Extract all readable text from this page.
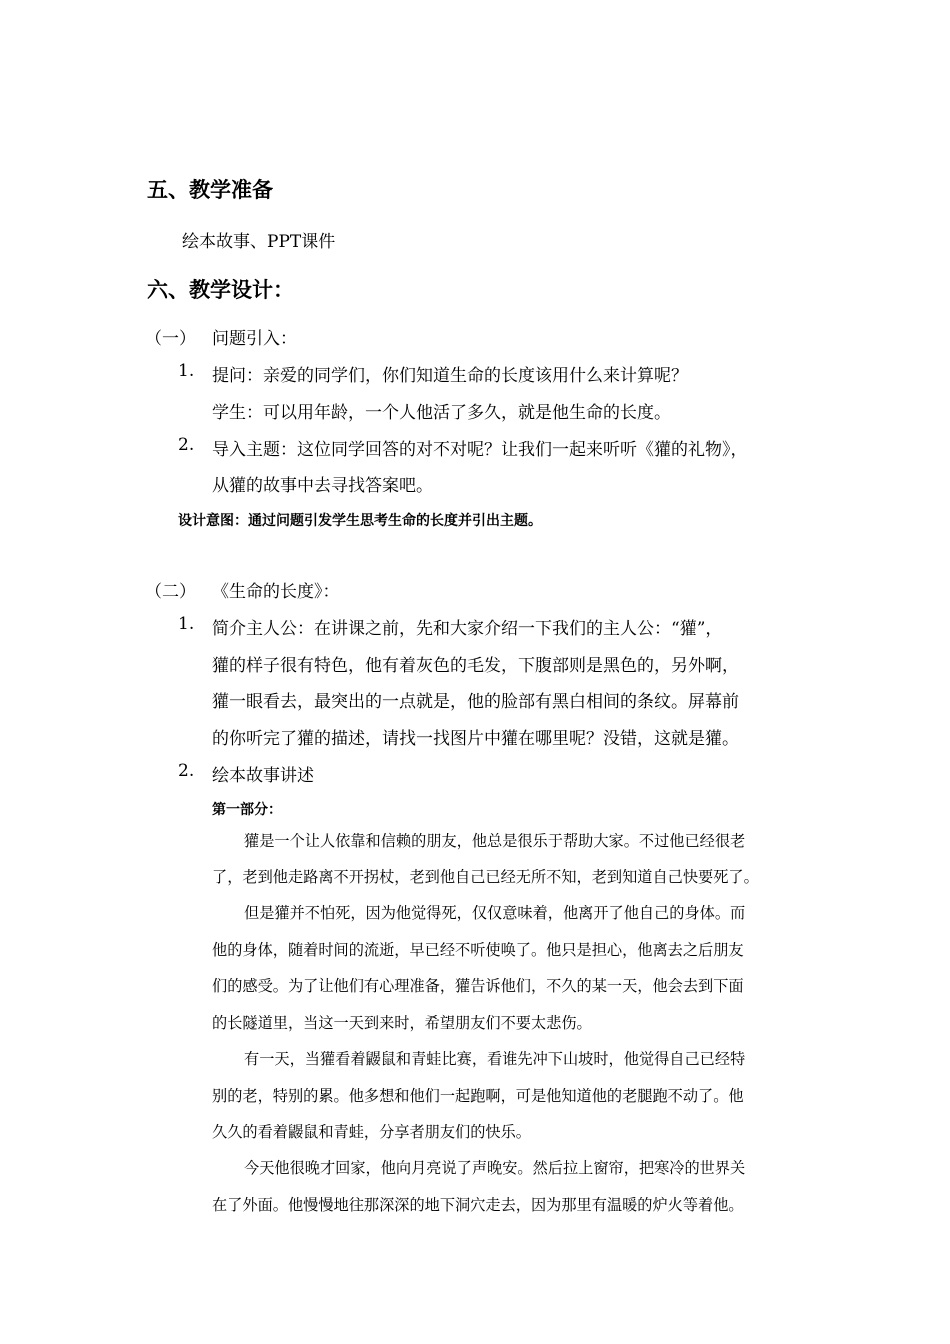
五、教学准备
绘本故事、PPT课件
六、教学设计：
（一） 问题引入：
1. 提问：亲爱的同学们，你们知道生命的长度该用什么来计算呢？
学生：可以用年龄，一个人他活了多久，就是他生命的长度。
2. 导入主题：这位同学回答的对不对呢？让我们一起来听听《獾的礼物》，
从獾的故事中去寻找答案吧。
设计意图：通过问题引发学生思考生命的长度并引出主题。
（二） 《生命的长度》：
1. 简介主人公：在讲课之前，先和大家介绍一下我们的主人公：“獾”，
獾的样子很有特色，他有着灰色的毛发，下腹部则是黑色的，另外啊，
獾一眼看去，最突出的一点就是，他的脸部有黑白相间的条纹。屏幕前
的你听完了獾的描述，请找一找图片中獾在哪里呢？没错，这就是獾。
2. 绘本故事讲述
第一部分：
獾是一个让人依靠和信赖的朋友，他总是很乐于帮助大家。不过他已经很老
了，老到他走路离不开拐杖，老到他自己已经无所不知，老到知道自己快要死了。
但是獾并不怕死，因为他觉得死，仅仅意味着，他离开了他自己的身体。而
他的身体，随着时间的流逝，早已经不听使唤了。他只是担心，他离去之后朋友
们的感受。为了让他们有心理准备，獾告诉他们，不久的某一天，他会去到下面
的长隧道里，当这一天到来时，希望朋友们不要太悲伤。
有一天，当獾看着鼹鼠和青蛙比赛，看谁先冲下山坡时，他觉得自己已经特
别的老，特别的累。他多想和他们一起跑啊，可是他知道他的老腿跑不动了。他
久久的看着鼹鼠和青蛙，分享者朋友们的快乐。
今天他很晚才回家，他向月亮说了声晚安。然后拉上窗帘，把寒冷的世界关
在了外面。他慢慢地往那深深的地下洞穴走去，因为那里有温暖的炉火等着他。
